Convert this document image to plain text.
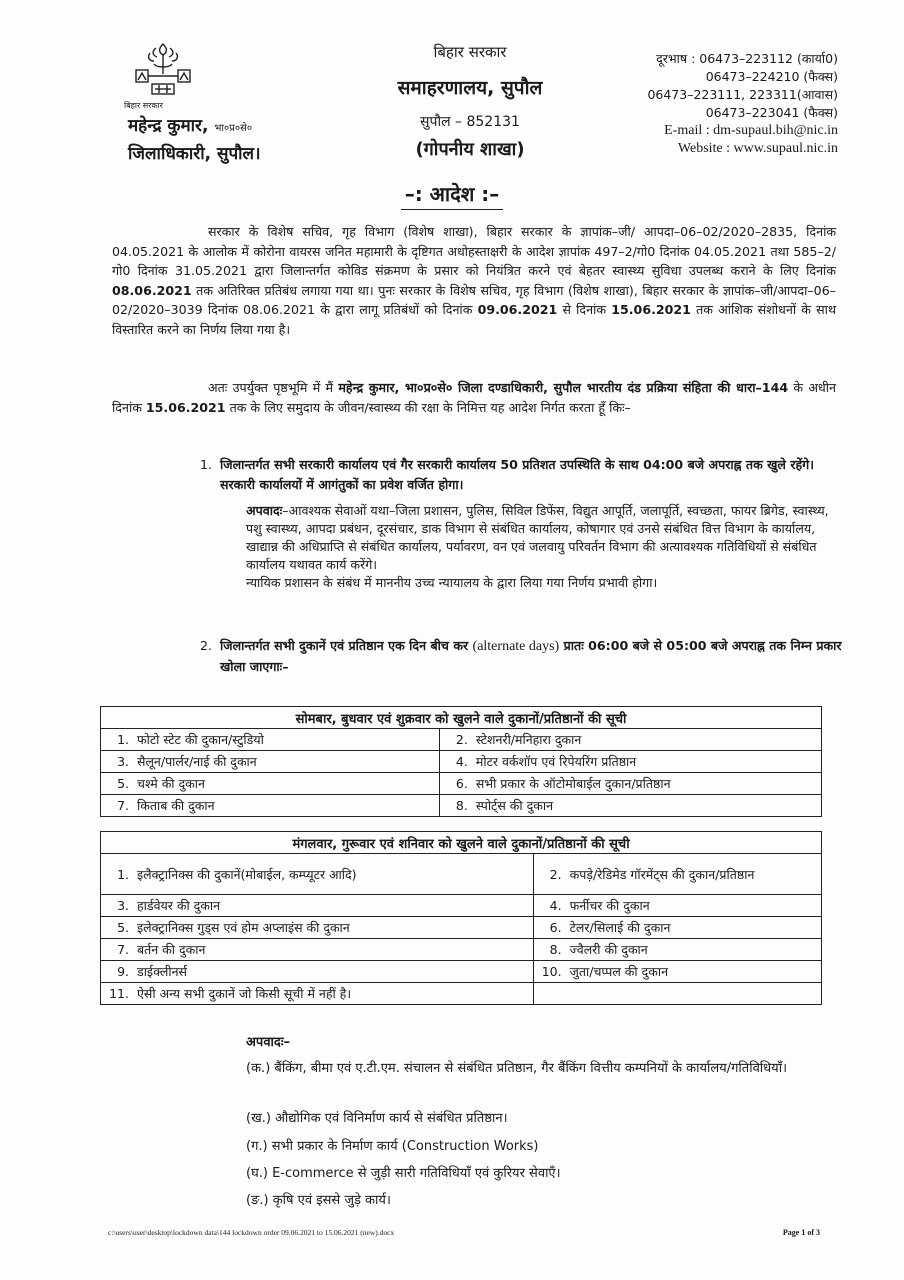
बिहार सरकार
महेन्द्र कुमार, भा०प्र०से०
जिलाधिकारी, सुपौल।
बिहार सरकार
समाहरणालय, सुपौल
सुपौल – 852131
(गोपनीय शाखा)
दूरभाष : 06473–223112 (कार्या0)
06473–224210 (फैक्स)
06473–223111, 223311(आवास)
06473–223041 (फैक्स)
E-mail : dm-supaul.bih@nic.in
Website : www.supaul.nic.in
–: आदेश :–
सरकार के विशेष सचिव, गृह विभाग (विशेष शाखा), बिहार सरकार के ज्ञापांक–जी/ आपदा–06–02/2020–2835, दिनांक 04.05.2021 के आलोक में कोरोना वायरस जनित महामारी के दृष्टिगत अधोहस्ताक्षरी के आदेश ज्ञापांक 497–2/गो0 दिनांक 04.05.2021 तथा 585–2/गो0 दिनांक 31.05.2021 द्वारा जिलान्तर्गत कोविड संक्रमण के प्रसार को नियंत्रित करने एवं बेहतर स्वास्थ्य सुविधा उपलब्ध कराने के लिए दिनांक 08.06.2021 तक अतिरिक्त प्रतिबंध लगाया गया था। पुनः सरकार के विशेष सचिव, गृह विभाग (विशेष शाखा), बिहार सरकार के ज्ञापांक–जी/आपदा–06–02/2020–3039 दिनांक 08.06.2021 के द्वारा लागू प्रतिबंधों को दिनांक 09.06.2021 से दिनांक 15.06.2021 तक आंशिक संशोधनों के साथ विस्तारित करने का निर्णय लिया गया है।
अतः उपर्युक्त पृष्ठभूमि में मैं महेन्द्र कुमार, भा०प्र०से० जिला दण्डाधिकारी, सुपौल भारतीय दंड प्रक्रिया संहिता की धारा–144 के अधीन दिनांक 15.06.2021 तक के लिए समुदाय के जीवन/स्वास्थ्य की रक्षा के निमित्त यह आदेश निर्गत करता हूँ किः–
1. जिलान्तर्गत सभी सरकारी कार्यालय एवं गैर सरकारी कार्यालय 50 प्रतिशत उपस्थिति के साथ 04:00 बजे अपराह्न तक खुले रहेंगे। सरकारी कार्यालयों में आगंतुकों का प्रवेश वर्जित होगा।
अपवादः–आवश्यक सेवाओं यथा–जिला प्रशासन, पुलिस, सिविल डिफेंस, विद्युत आपूर्ति, जलापूर्ति, स्वच्छता, फायर ब्रिगेड, स्वास्थ्य, पशु स्वास्थ्य, आपदा प्रबंधन, दूरसंचार, डाक विभाग से संबंधित कार्यालय, कोषागार एवं उनसे संबंधित वित्त विभाग के कार्यालय, खाद्यान्न की अधिप्राप्ति से संबंधित कार्यालय, पर्यावरण, वन एवं जलवायु परिवर्तन विभाग की अत्यावश्यक गतिविधियों से संबंधित कार्यालय यथावत कार्य करेंगे।
न्यायिक प्रशासन के संबंध में माननीय उच्च न्यायालय के द्वारा लिया गया निर्णय प्रभावी होगा।
2. जिलान्तर्गत सभी दुकानें एवं प्रतिष्ठान एक दिन बीच कर (alternate days) प्रातः 06:00 बजे से 05:00 बजे अपराह्न तक निम्न प्रकार खोला जाएगाः–
सोमबार, बुधवार एवं शुक्रवार को खुलने वाले दुकानों/प्रतिष्ठानों की सूची	
1. फोटो स्टेट की दुकान/स्टुडियो	2. स्टेशनरी/मनिहारा दुकान
3. सैलून/पार्लर/नाई की दुकान	4. मोटर वर्कशॉप एवं रिपेयरिंग प्रतिष्ठान
5. चश्मे की दुकान	6. सभी प्रकार के ऑटोमोबाईल दुकान/प्रतिष्ठान
7. किताब की दुकान	8. स्पोर्ट्स की दुकान
मंगलवार, गुरूवार एवं शनिवार को खुलने वाले दुकानों/प्रतिष्ठानों की सूची	
1. इलैक्ट्रानिक्स की दुकानें(मोबाईल, कम्प्यूटर आदि)	2. कपड़े/रेडिमेड गॉरमेंट्स की दुकान/प्रतिष्ठान
3. हार्डवेयर की दुकान	4. फर्नीचर की दुकान
5. इलेक्ट्रानिक्स गुड्स एवं होम अप्लाइंस की दुकान	6. टेलर/सिलाई की दुकान
7. बर्तन की दुकान	8. ज्वैलरी की दुकान
9. डाईक्लीनर्स	10. जुता/चप्पल की दुकान
11. ऐसी अन्य सभी दुकानें जो किसी सूची में नहीं है।	
अपवादः–
(क.) बैंकिंग, बीमा एवं ए.टी.एम. संचालन से संबंधित प्रतिष्ठान, गैर बैंकिंग वित्तीय कम्पनियों के कार्यालय/गतिविधियाँ।
(ख.) औद्योगिक एवं विनिर्माण कार्य से संबंधित प्रतिष्ठान।
(ग.) सभी प्रकार के निर्माण कार्य (Construction Works)
(घ.) E-commerce से जुड़ी सारी गतिविधियाँ एवं कुरियर सेवाएँ।
(ङ.) कृषि एवं इससे जुड़े कार्य।
c:\users\user\desktop\lockdown data\144 lockdown order 09.06.2021 to 15.06.2021 (new).docx	Page 1 of 3
